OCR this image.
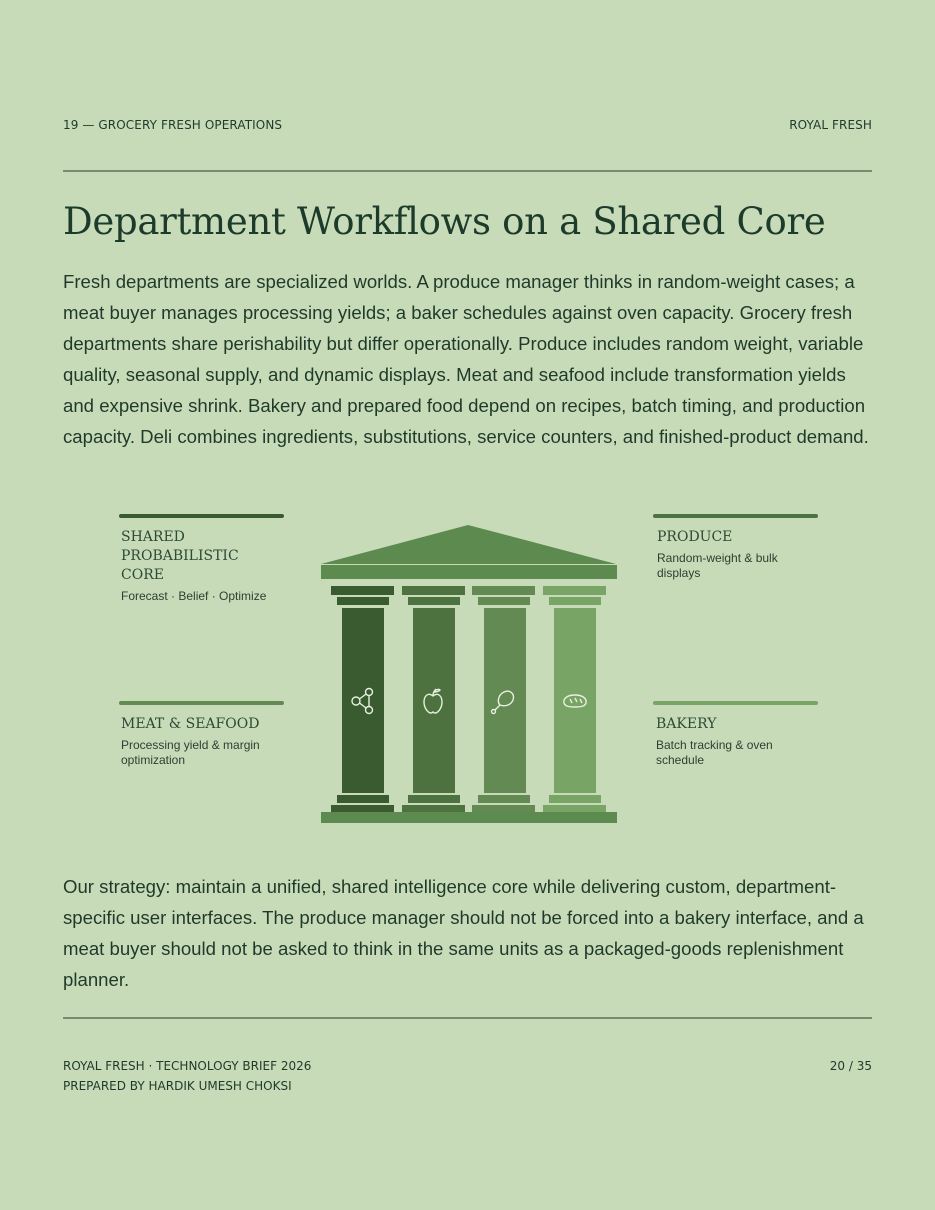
19 — GROCERY FRESH OPERATIONS	ROYAL FRESH
Department Workflows on a Shared Core

Fresh departments are specialized worlds. A produce manager thinks in random-weight cases; a meat buyer manages processing yields; a baker schedules against oven capacity. Grocery fresh departments share perishability but differ operationally. Produce includes random weight, variable quality, seasonal supply, and dynamic displays. Meat and seafood include transformation yields and expensive shrink. Bakery and prepared food depend on recipes, batch timing, and production capacity. Deli combines ingredients, substitutions, service counters, and finished-product demand.

SHARED PROBABILISTIC CORE
Forecast · Belief · Optimize
PRODUCE
Random-weight & bulk displays
MEAT & SEAFOOD
Processing yield & margin optimization
BAKERY
Batch tracking & oven schedule

Our strategy: maintain a unified, shared intelligence core while delivering custom, department-specific user interfaces. The produce manager should not be forced into a bakery interface, and a meat buyer should not be asked to think in the same units as a packaged-goods replenishment planner.

ROYAL FRESH · TECHNOLOGY BRIEF 2026
PREPARED BY HARDIK UMESH CHOKSI
20 / 35
